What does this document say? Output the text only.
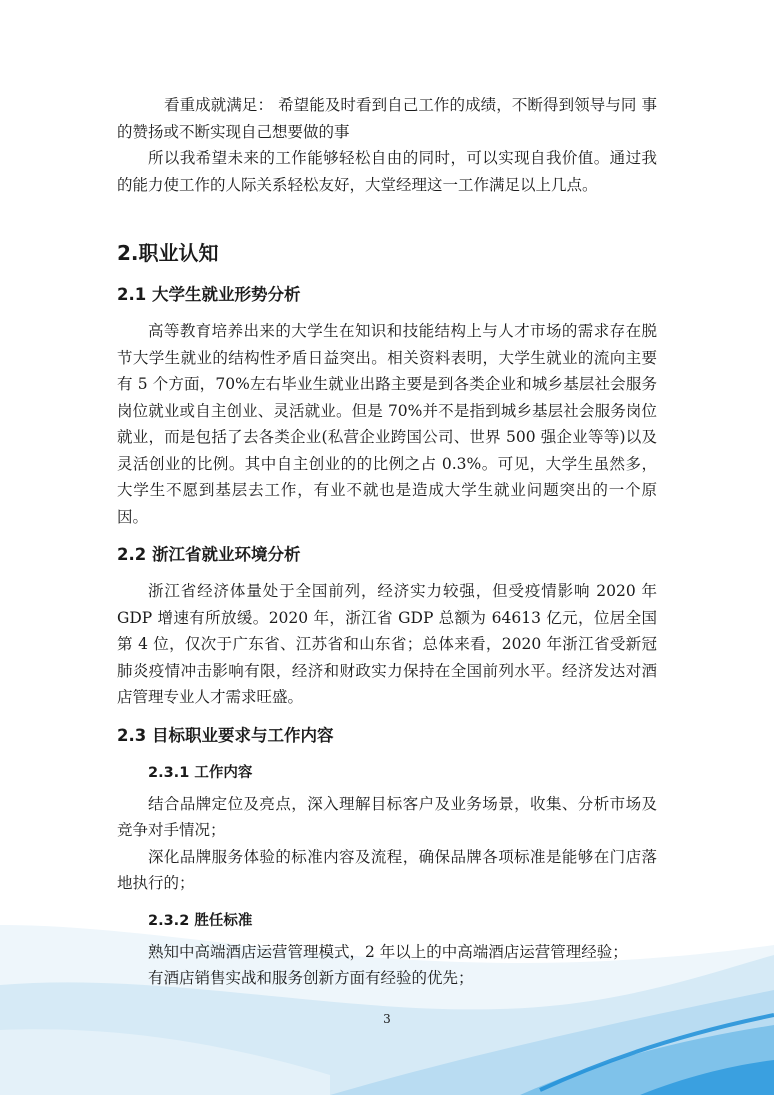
看重成就满足： 希望能及时看到自己工作的成绩，不断得到领导与同 事的赞扬或不断实现自己想要做的事

所以我希望未来的工作能够轻松自由的同时，可以实现自我价值。通过我 的能力使工作的人际关系轻松友好，大堂经理这一工作满足以上几点。

2.职业认知
2.1 大学生就业形势分析

高等教育培养出来的大学生在知识和技能结构上与人才市场的需求存在脱节大学生就业的结构性矛盾日益突出。相关资料表明，大学生就业的流向主要有 5 个方面，70%左右毕业生就业出路主要是到各类企业和城乡基层社会服务岗位就业或自主创业、灵活就业。但是 70%并不是指到城乡基层社会服务岗位就业，而是包括了去各类企业(私营企业跨国公司、世界 500 强企业等等)以及灵活创业的比例。其中自主创业的的比例之占 0.3%。可见，大学生虽然多，大学生不愿到基层去工作，有业不就也是造成大学生就业问题突出的一个原因。

2.2 浙江省就业环境分析

浙江省经济体量处于全国前列，经济实力较强，但受疫情影响 2020 年 GDP 增速有所放缓。2020 年，浙江省 GDP 总额为 64613 亿元，位居全国第 4 位，仅次于广东省、江苏省和山东省；总体来看，2020 年浙江省受新冠肺炎疫情冲击影响有限，经济和财政实力保持在全国前列水平。经济发达对酒店管理专业人才需求旺盛。

2.3 目标职业要求与工作内容
2.3.1 工作内容

结合品牌定位及亮点，深入理解目标客户及业务场景，收集、分析市场及竞争对手情况；

深化品牌服务体验的标准内容及流程，确保品牌各项标准是能够在门店落地执行的；

2.3.2 胜任标准

熟知中高端酒店运营管理模式，2 年以上的中高端酒店运营管理经验；

有酒店销售实战和服务创新方面有经验的优先；

3
